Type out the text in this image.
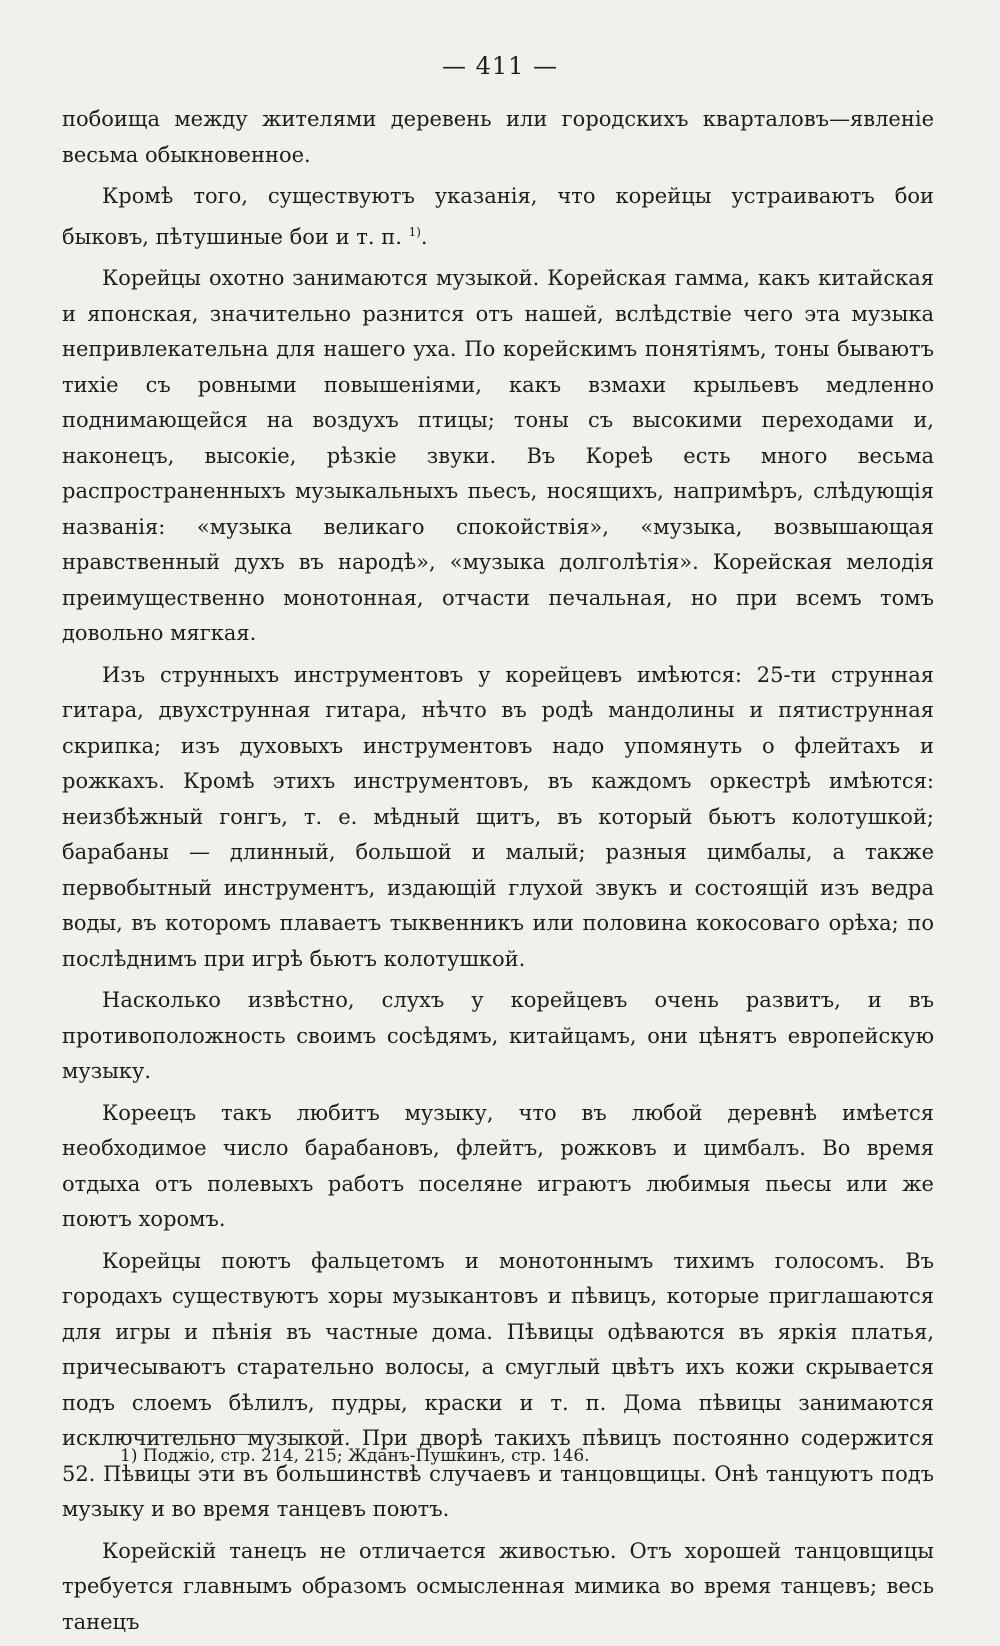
— 411 —

побоища между жителями деревень или городскихъ кварталовъ—явленіе весьма обыкновенное.

Кромѣ того, существуютъ указанія, что корейцы устраиваютъ бои быковъ, пѣтушиные бои и т. п. $^{1)}$.

Корейцы охотно занимаются музыкой. Корейская гамма, какъ китайская и японская, значительно разнится отъ нашей, вслѣдствіе чего эта музыка непривлекательна для нашего уха. По корейскимъ понятіямъ, тоны бываютъ тихіе съ ровными повышеніями, какъ взмахи крыльевъ медленно поднимающейся на воздухъ птицы; тоны съ высокими переходами и, наконецъ, высокіе, рѣзкіе звуки. Въ Кореѣ есть много весьма распространенныхъ музыкальныхъ пьесъ, носящихъ, напримѣръ, слѣдующія названія: «музыка великаго спокойствія», «музыка, возвышающая нравственный духъ въ народѣ», «музыка долголѣтія». Корейская мелодія преимущественно монотонная, отчасти печальная, но при всемъ томъ довольно мягкая.

Изъ струнныхъ инструментовъ у корейцевъ имѣются: 25-ти струнная гитара, двухструнная гитара, нѣчто въ родѣ мандолины и пятиструнная скрипка; изъ духовыхъ инструментовъ надо упомянуть о флейтахъ и рожкахъ. Кромѣ этихъ инструментовъ, въ каждомъ оркестрѣ имѣются: неизбѣжный гонгъ, т. е. мѣдный щитъ, въ который бьютъ колотушкой; барабаны — длинный, большой и малый; разныя цимбалы, а также первобытный инструментъ, издающій глухой звукъ и состоящій изъ ведра воды, въ которомъ плаваетъ тыквенникъ или половина кокосоваго орѣха; по послѣднимъ при игрѣ бьютъ колотушкой.

Насколько извѣстно, слухъ у корейцевъ очень развитъ, и въ противоположность своимъ сосѣдямъ, китайцамъ, они цѣнятъ европейскую музыку.

Кореецъ такъ любитъ музыку, что въ любой деревнѣ имѣется необходимое число барабановъ, флейтъ, рожковъ и цимбалъ. Во время отдыха отъ полевыхъ работъ поселяне играютъ любимыя пьесы или же поютъ хоромъ.

Корейцы поютъ фальцетомъ и монотоннымъ тихимъ голосомъ. Въ городахъ существуютъ хоры музыкантовъ и пѣвицъ, которые приглашаются для игры и пѣнія въ частные дома. Пѣвицы одѣваются въ яркія платья, причесываютъ старательно волосы, а смуглый цвѣтъ ихъ кожи скрывается подъ слоемъ бѣлилъ, пудры, краски и т. п. Дома пѣвицы занимаются исключительно музыкой. При дворѣ такихъ пѣвицъ постоянно содержится 52. Пѣвицы эти въ большинствѣ случаевъ и танцовщицы. Онѣ танцуютъ подъ музыку и во время танцевъ поютъ.

Корейскій танецъ не отличается живостью. Отъ хорошей танцовщицы требуется главнымъ образомъ осмысленная мимика во время танцевъ; весь танецъ

1) Поджіо, стр. 214, 215; Жданъ-Пушкинъ, стр. 146.
